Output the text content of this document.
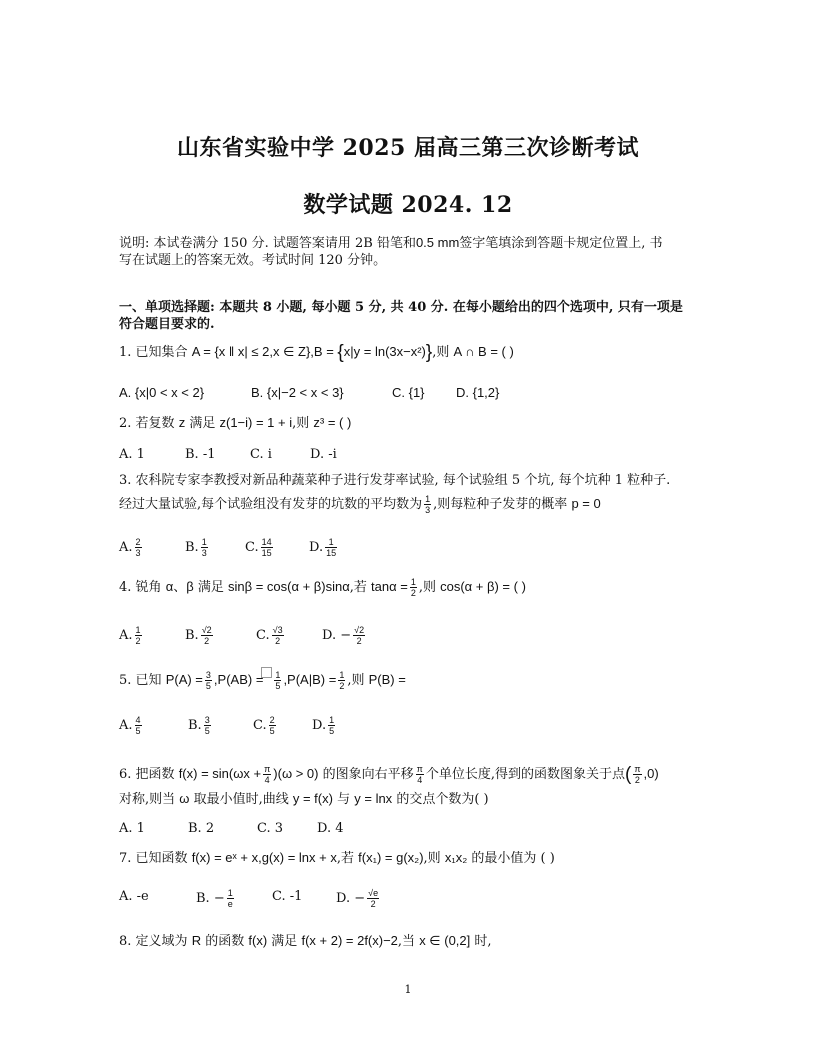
山东省实验中学 2025 届高三第三次诊断考试
数学试题 2024. 12
说明: 本试卷满分 150 分. 试题答案请用 2B 铅笔和0.5 mm签字笔填涂到答题卡规定位置上, 书
写在试题上的答案无效。考试时间 120 分钟。
一、单项选择题: 本题共 8 小题, 每小题 5 分, 共 40 分. 在每小题给出的四个选项中, 只有一项是
符合题目要求的.
1. 已知集合 A = {x ‖ x| ≤ 2,x ∈ Z},B = {x|y = ln(3x−x²)},则 A ∩ B = ( )
A. {x|0 < x < 2}	B. {x|−2 < x < 3}	C. {1} D. {1,2}
2. 若复数 z 满足 z(1−i) = 1 + i,则 z³ = ( )
A. 1	B. -1	C. i	D. -i
3. 农科院专家李教授对新品种蔬菜种子进行发芽率试验, 每个试验组 5 个坑, 每个坑种 1 粒种子.
经过大量试验,每个试验组没有发芽的坑数的平均数为 $\frac{1}{3}$ ,则每粒种子发芽的概率 p = 0
A. $\frac{2}{3}$	B. $\frac{1}{3}$	C. $\frac{14}{15}$	D. $\frac{1}{15}$
4. 锐角 α、β 满足 sinβ = cos(α + β)sinα,若 $\tan\alpha = \frac{1}{2}$ ,则 cos(α + β) = ( )
A. $\frac{1}{2}$	B. $\frac{√2}{2}$	C. $\frac{√3}{2}$	D. − $\frac{√2}{2}$
5. 已知 $P(A) = \frac{3}{5} ,P(AB) = \frac{1}{5} ,P(A|B) = \frac{1}{2}$ ,则 P(B) =
A. $\frac{4}{5}$	B. $\frac{3}{5}$	C. $\frac{2}{5}$	D. $\frac{1}{5}$
6. 把函数 $f(x) = \sin(\omega x + \frac{\pi}{4} )(\omega > 0)$ 的图象向右平移 $\frac{\pi}{4}$ 个单位长度,得到的函数图象关于点( $\frac{\pi}{2} ,0$)
对称,则当 ω 取最小值时,曲线 y = f(x) 与 y = lnx 的交点个数为( )
A. 1	B. 2	C. 3	D. 4
7. 已知函数 f(x) = eˣ + x,g(x) = lnx + x,若 f(x₁) = g(x₂),则 x₁x₂ 的最小值为 ( )
A. -e	B. − $\frac{1}{e}$	C. -1	D. − $\frac{√e}{2}$
8. 定义域为 R 的函数 f(x) 满足 f(x + 2) = 2f(x)−2,当 x ∈ (0,2] 时,
1
